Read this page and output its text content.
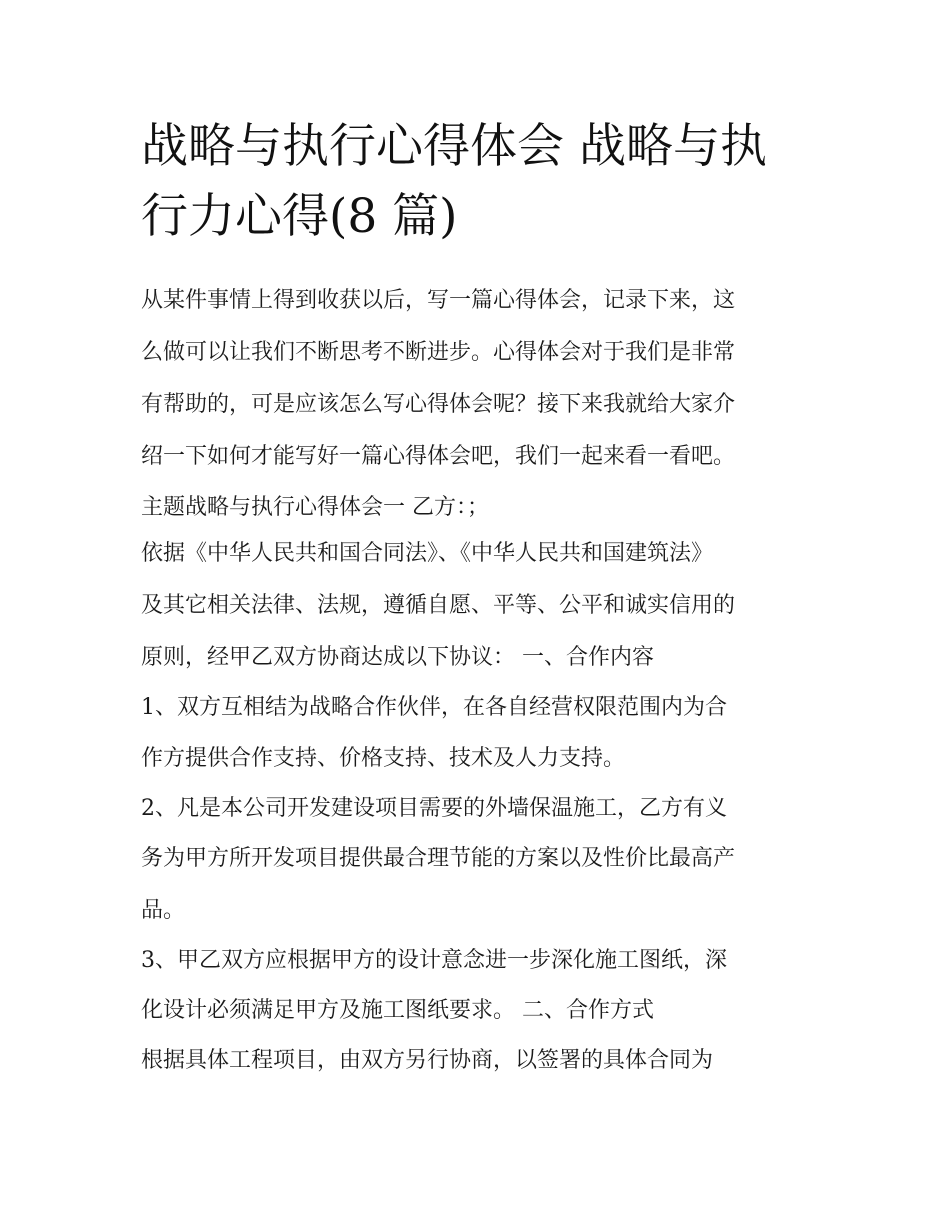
战略与执行心得体会 战略与执
行力心得(8 篇)
从某件事情上得到收获以后，写一篇心得体会，记录下来，这
么做可以让我们不断思考不断进步。心得体会对于我们是非常
有帮助的，可是应该怎么写心得体会呢？接下来我就给大家介
绍一下如何才能写好一篇心得体会吧，我们一起来看一看吧。
主题战略与执行心得体会一 乙方：；
依据《中华人民共和国合同法》、《中华人民共和国建筑法》
及其它相关法律、法规，遵循自愿、平等、公平和诚实信用的
原则，经甲乙双方协商达成以下协议： 一、合作内容
1、双方互相结为战略合作伙伴，在各自经营权限范围内为合
作方提供合作支持、价格支持、技术及人力支持。
2、凡是本公司开发建设项目需要的外墙保温施工，乙方有义
务为甲方所开发项目提供最合理节能的方案以及性价比最高产
品。
3、甲乙双方应根据甲方的设计意念进一步深化施工图纸，深
化设计必须满足甲方及施工图纸要求。 二、合作方式
根据具体工程项目，由双方另行协商，以签署的具体合同为
